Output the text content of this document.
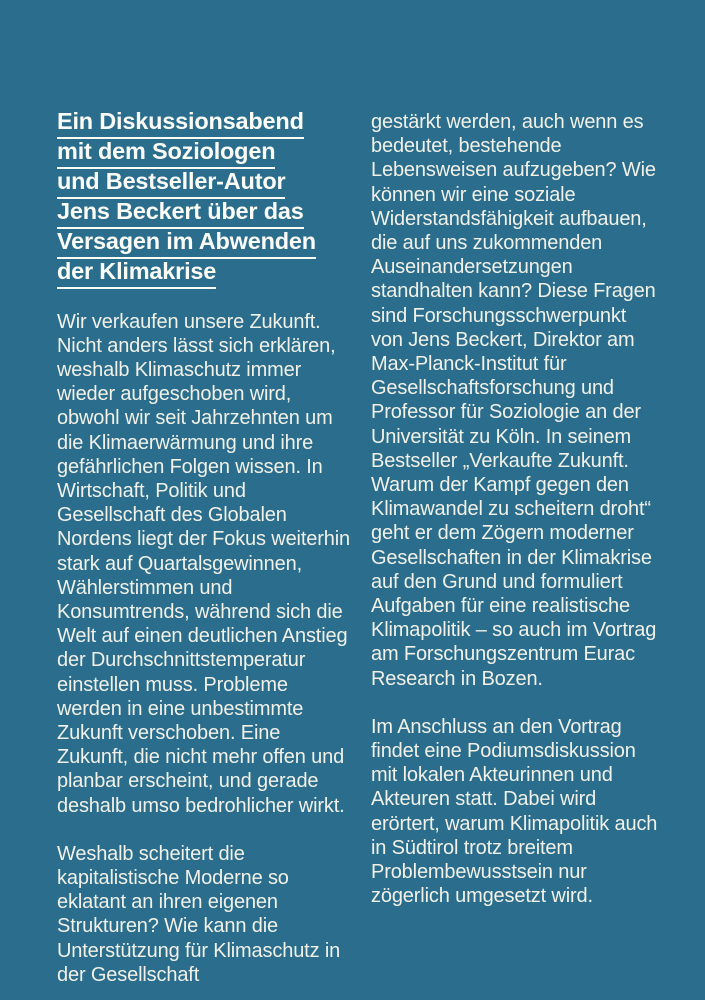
Ein Diskussionsabend
mit dem Soziologen
und Bestseller-Autor
Jens Beckert über das
Versagen im Abwenden
der Klimakrise

Wir verkaufen unsere Zukunft. Nicht anders lässt sich erklären, weshalb Klimaschutz immer wieder aufgeschoben wird, obwohl wir seit Jahrzehnten um die Klimaerwärmung und ihre gefährlichen Folgen wissen. In Wirtschaft, Politik und Gesellschaft des Globalen Nordens liegt der Fokus weiterhin stark auf Quartalsgewinnen, Wählerstimmen und Konsumtrends, während sich die Welt auf einen deutlichen Anstieg der Durchschnittstemperatur einstellen muss. Probleme werden in eine unbestimmte Zukunft verschoben. Eine Zukunft, die nicht mehr offen und planbar erscheint, und gerade deshalb umso bedrohlicher wirkt.

Weshalb scheitert die kapitalistische Moderne so eklatant an ihren eigenen Strukturen? Wie kann die Unterstützung für Klimaschutz in der Gesellschaft

gestärkt werden, auch wenn es bedeutet, bestehende Lebensweisen aufzugeben? Wie können wir eine soziale Widerstandsfähigkeit aufbauen, die auf uns zukommenden Auseinandersetzungen standhalten kann? Diese Fragen sind Forschungsschwerpunkt von Jens Beckert, Direktor am Max-Planck-Institut für Gesellschaftsforschung und Professor für Soziologie an der Universität zu Köln. In seinem Bestseller „Verkaufte Zukunft. Warum der Kampf gegen den Klimawandel zu scheitern droht“ geht er dem Zögern moderner Gesellschaften in der Klimakrise auf den Grund und formuliert Aufgaben für eine realistische Klimapolitik – so auch im Vortrag am Forschungszentrum Eurac Research in Bozen.

Im Anschluss an den Vortrag findet eine Podiumsdiskussion mit lokalen Akteurinnen und Akteuren statt. Dabei wird erörtert, warum Klimapolitik auch in Südtirol trotz breitem Problembewusstsein nur zögerlich umgesetzt wird.
